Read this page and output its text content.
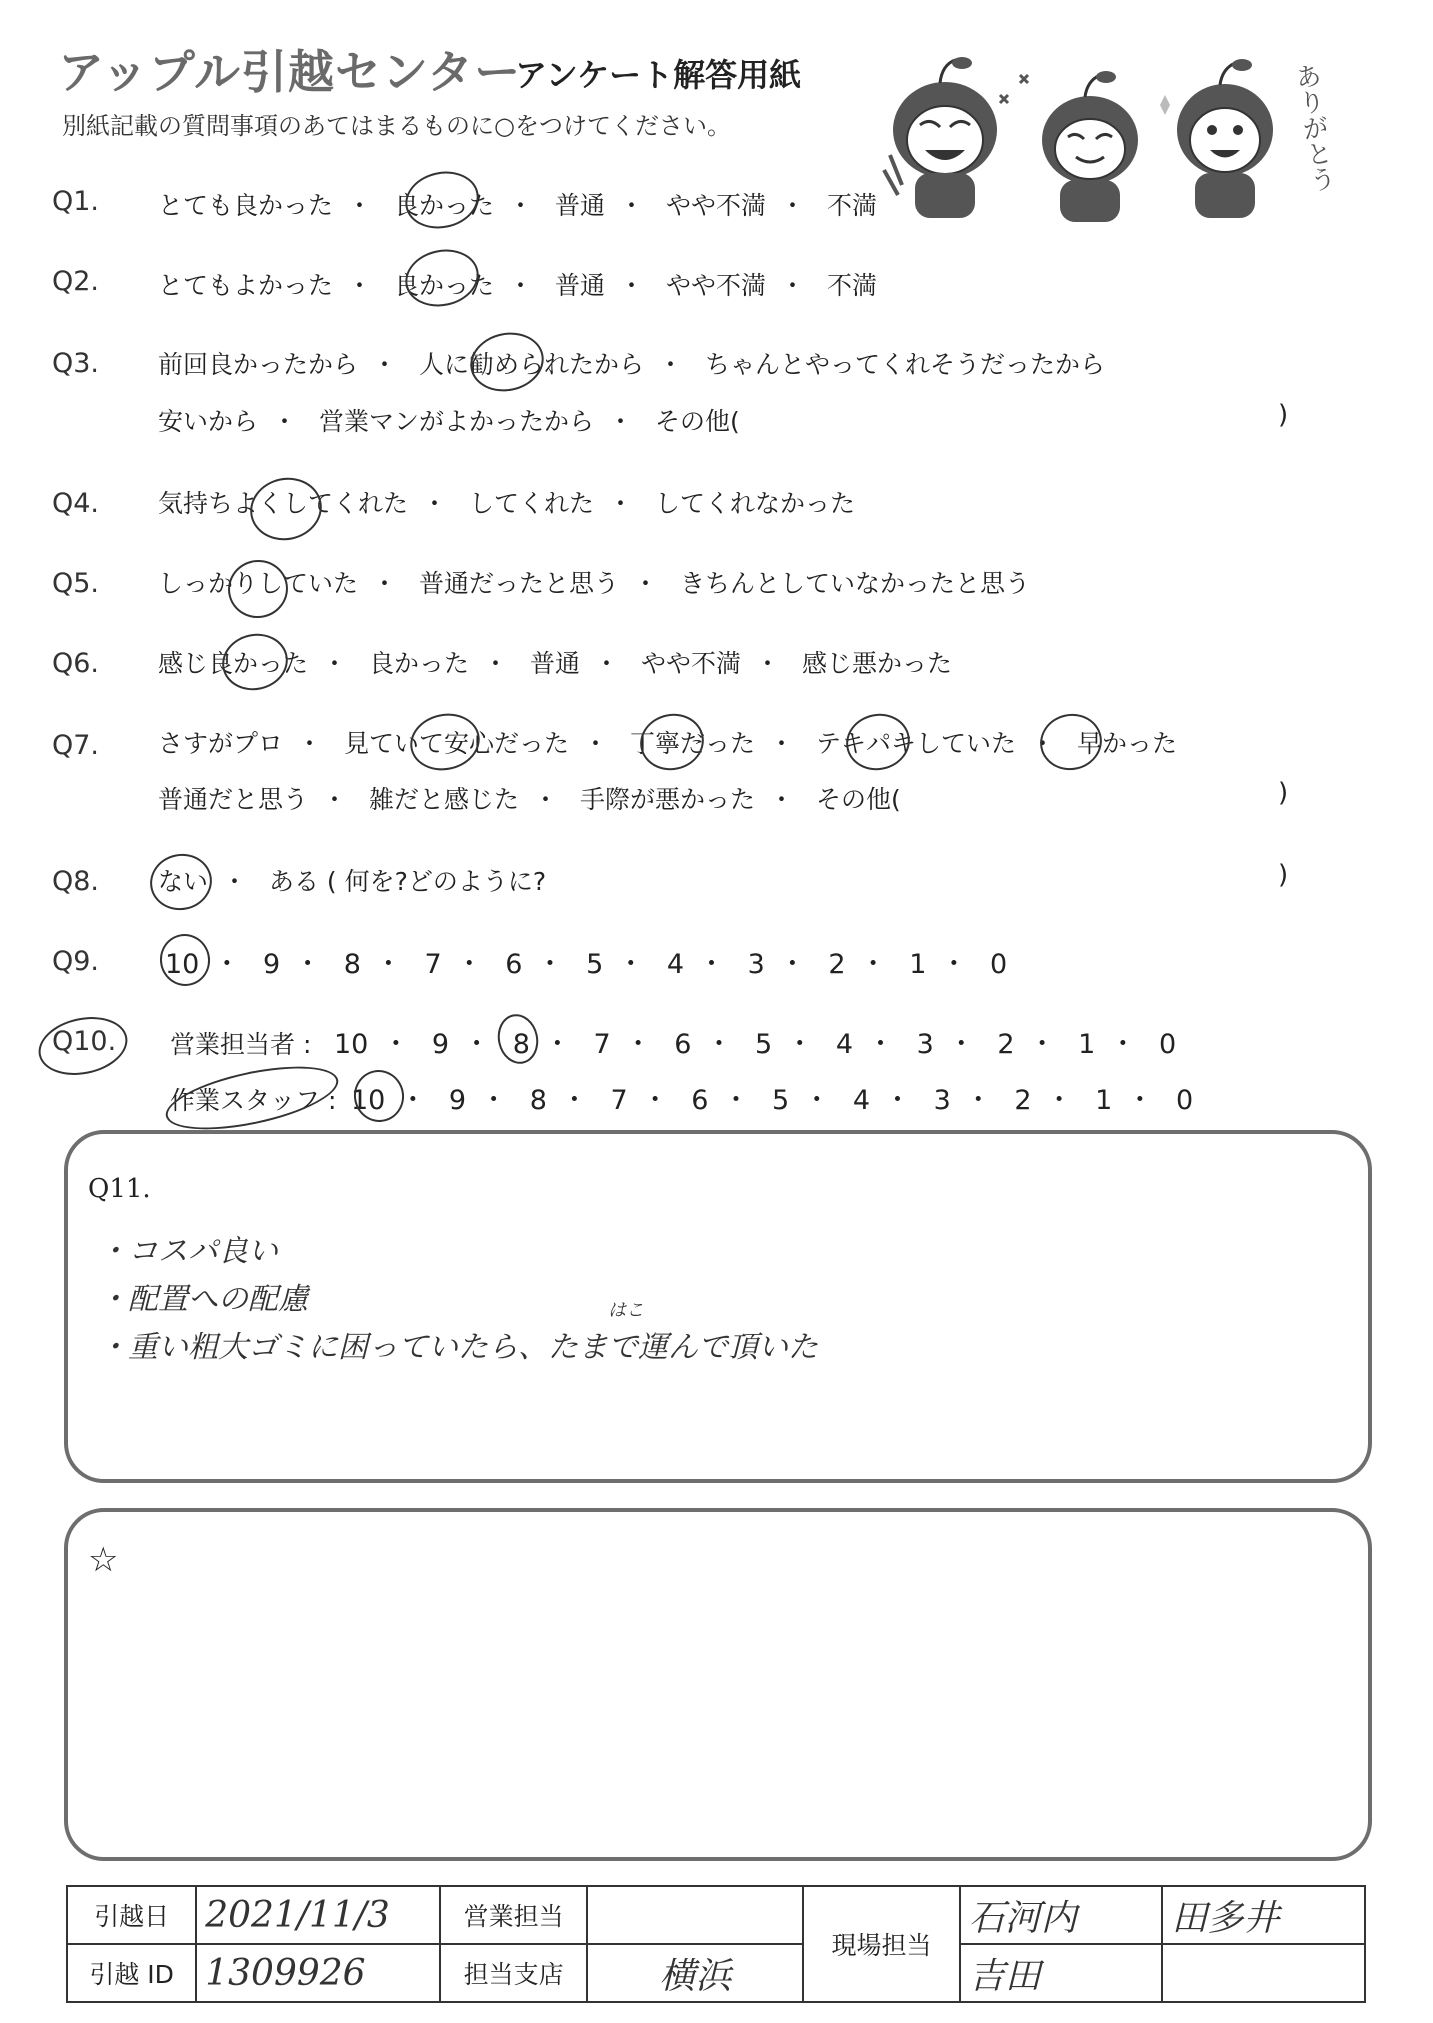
アップル引越センター
アンケート解答用紙
別紙記載の質問事項のあてはまるものに○をつけてください。	ありがとう
Q1. とても良かった ・ 良かった ・ 普通 ・ やや不満 ・ 不満
Q2. とてもよかった ・ 良かった ・ 普通 ・ やや不満 ・ 不満
Q3. 前回良かったから ・ 人に勧められたから ・ ちゃんとやってくれそうだったから
安いから ・ 営業マンがよかったから ・ その他(	)
Q4. 気持ちよくしてくれた ・ してくれた ・ してくれなかった
Q5. しっかりしていた ・ 普通だったと思う ・ きちんとしていなかったと思う
Q6. 感じ良かった ・ 良かった ・ 普通 ・ やや不満 ・ 感じ悪かった
Q7. さすがプロ ・ 見ていて安心だった ・ 丁寧だった ・ テキパキしていた ・ 早かった
普通だと思う ・ 雑だと感じた ・ 手際が悪かった ・ その他(	)
Q8. ない ・ ある ( 何を?どのように?	)
Q9. 10 ・ 9 ・ 8 ・ 7 ・ 6 ・ 5 ・ 4 ・ 3 ・ 2 ・ 1 ・ 0
Q10. 営業担当者 : 10 ・ 9 ・ 8 ・ 7 ・ 6 ・ 5 ・ 4 ・ 3 ・ 2 ・ 1 ・ 0
作業スタッフ : 10 ・ 9 ・ 8 ・ 7 ・ 6 ・ 5 ・ 4 ・ 3 ・ 2 ・ 1 ・ 0
Q11.
・コスパ良い
・配置への配慮	はこ
・重い粗大ゴミに困っていたら、たまで運んで頂いた
☆
引越日	2021/11/3	営業担当		現場担当	石河内	田多井
引越 ID	1309926	担当支店	横浜		吉田	
